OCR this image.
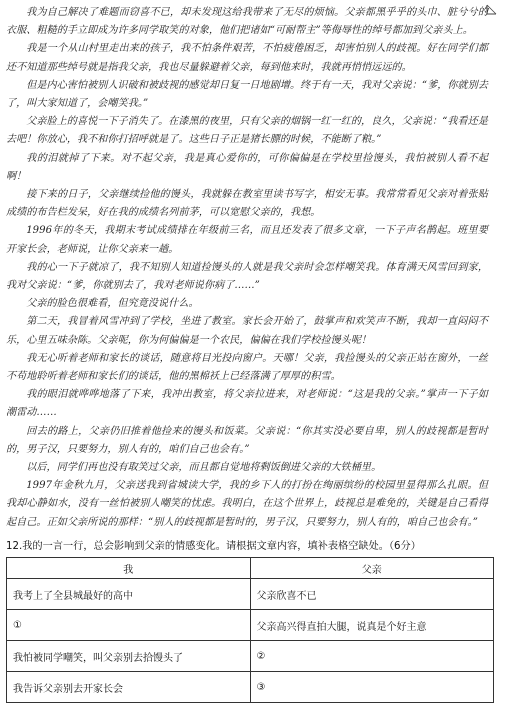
我为自己解决了难题而窃喜不已，却未发现这给我带来了无尽的烦恼。父亲都黑乎乎的头巾、脏兮兮的衣服、粗糙的手立即成为许多同学取笑的对象，他们把诸如“可耐帮主”等侮辱性的绰号都加到父亲头上。

我是一个从山村里走出来的孩子，我不怕条件艰苦，不怕疲倦困乏，却害怕别人的歧视。好在同学们都还不知道那些绰号就是指我父亲，我也尽量躲避着父亲，每到他来时，我就再悄悄远远的。

但是内心害怕被别人识破和被歧视的感觉却日复一日地剧增。终于有一天，我对父亲说：“爹，你就别去了，叫大家知道了，会嘲笑我。”

父亲脸上的喜悦一下子消失了。在漆黑的夜里，只有父亲的烟锅一红一红的，良久，父亲说：“我看还是去吧！你放心，我不和你打招呼就是了。这些日子正是猪长膘的时候，不能断了粮。”

我的泪就掉了下来。对不起父亲，我是真心爱你的，可你偏偏是在学校里捡馒头，我怕被别人看不起啊！

接下来的日子，父亲继续捡他的馒头，我就躲在教室里读书写字，相安无事。我常常看见父亲对着张贴成绩的布告栏发呆，好在我的成绩名列前茅，可以宽慰父亲的，我想。

1996年的冬天，我期末考试成绩排在年级前三名，而且还发表了很多文章，一下子声名鹊起。班里要开家长会，老师说，让你父亲来一趟。

我的心一下子就凉了，我不知别人知道捡馒头的人就是我父亲时会怎样嘲笑我。体育满天风雪回到家，我对父亲说：“爹，你就别去了，我对老师说你病了……”

父亲的脸色很难看，但究竟没说什么。

第二天，我冒着风雪冲到了学校，坐进了教室。家长会开始了，鼓掌声和欢笑声不断，我却一直闷闷不乐，心里五味杂陈。父亲呢，你为何偏偏是一个农民，偏偏在我们学校捡馒头呢！

我无心听着老师和家长的谈话，随意将目光投向窗户。天哪！父亲，我捡馒头的父亲正站在窗外，一丝不苟地聆听着老师和家长们的谈话，他的黑棉袄上已经落满了厚厚的积雪。

我的眼泪就哗哗地落了下来，我冲出教室，将父亲拉进来，对老师说：“这是我的父亲。”掌声一下子如潮雷动……

回去的路上，父亲仍旧推着他捡来的馒头和饭菜。父亲说：“你其实没必要自卑，别人的歧视都是暂时的，男子汉，只要努力，别人有的，咱们自己也会有。”

以后，同学们再也没有取笑过父亲，而且都自觉地将剩饭倒进父亲的大铁桶里。

1997年金秋九月，父亲送我到省城读大学，我的乡下人的打扮在绚丽缤纷的校园里显得那么扎眼。但我却心静如水，没有一丝怕被别人嘲笑的忧虑。我明白，在这个世界上，歧视总是难免的，关键是自己看得起自己。正如父亲所说的那样：“别人的歧视都是暂时的，男子汉，只要努力，别人有的，咱自己也会有。”

12.我的一言一行，总会影响到父亲的情感变化。请根据文章内容，填补表格空缺处。（6分）
我	父亲
我考上了全县城最好的高中	父亲欣喜不已
①	父亲高兴得直拍大腿，说真是个好主意
我怕被同学嘲笑，叫父亲别去拾馒头了	②
我告诉父亲别去开家长会	③
